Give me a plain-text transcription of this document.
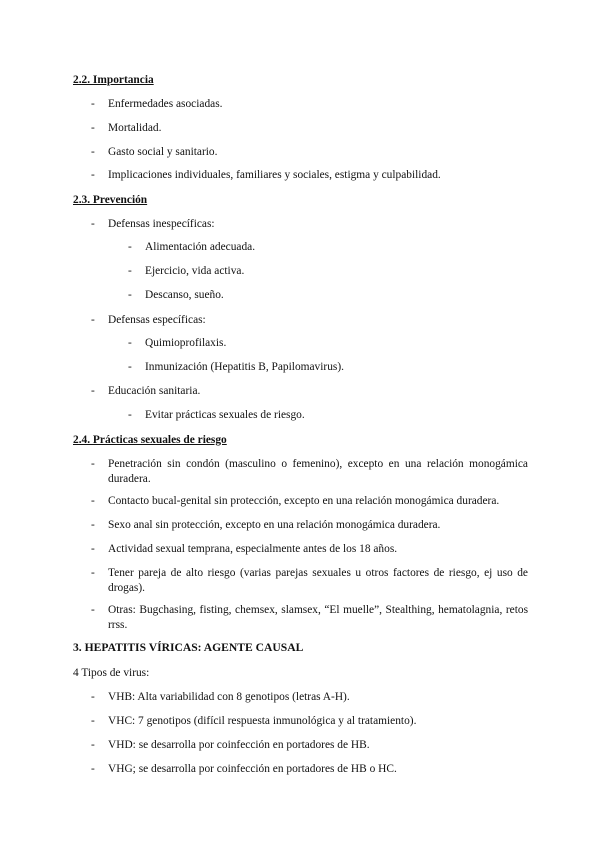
2.2. Importancia
- Enfermedades asociadas.
- Mortalidad.
- Gasto social y sanitario.
- Implicaciones individuales, familiares y sociales, estigma y culpabilidad.
2.3. Prevención
- Defensas inespecíficas:
- Alimentación adecuada.
- Ejercicio, vida activa.
- Descanso, sueño.
- Defensas específicas:
- Quimioprofilaxis.
- Inmunización (Hepatitis B, Papilomavirus).
- Educación sanitaria.
- Evitar prácticas sexuales de riesgo.
2.4. Prácticas sexuales de riesgo
- Penetración sin condón (masculino o femenino), excepto en una relación monogámica duradera.
- Contacto bucal-genital sin protección, excepto en una relación monogámica duradera.
- Sexo anal sin protección, excepto en una relación monogámica duradera.
- Actividad sexual temprana, especialmente antes de los 18 años.
- Tener pareja de alto riesgo (varias parejas sexuales u otros factores de riesgo, ej uso de drogas).
- Otras: Bugchasing, fisting, chemsex, slamsex, “El muelle”, Stealthing, hematolagnia, retos rrss.
3. HEPATITIS VÍRICAS: AGENTE CAUSAL
4 Tipos de virus:
- VHB: Alta variabilidad con 8 genotipos (letras A-H).
- VHC: 7 genotipos (difícil respuesta inmunológica y al tratamiento).
- VHD: se desarrolla por coinfección en portadores de HB.
- VHG; se desarrolla por coinfección en portadores de HB o HC.
